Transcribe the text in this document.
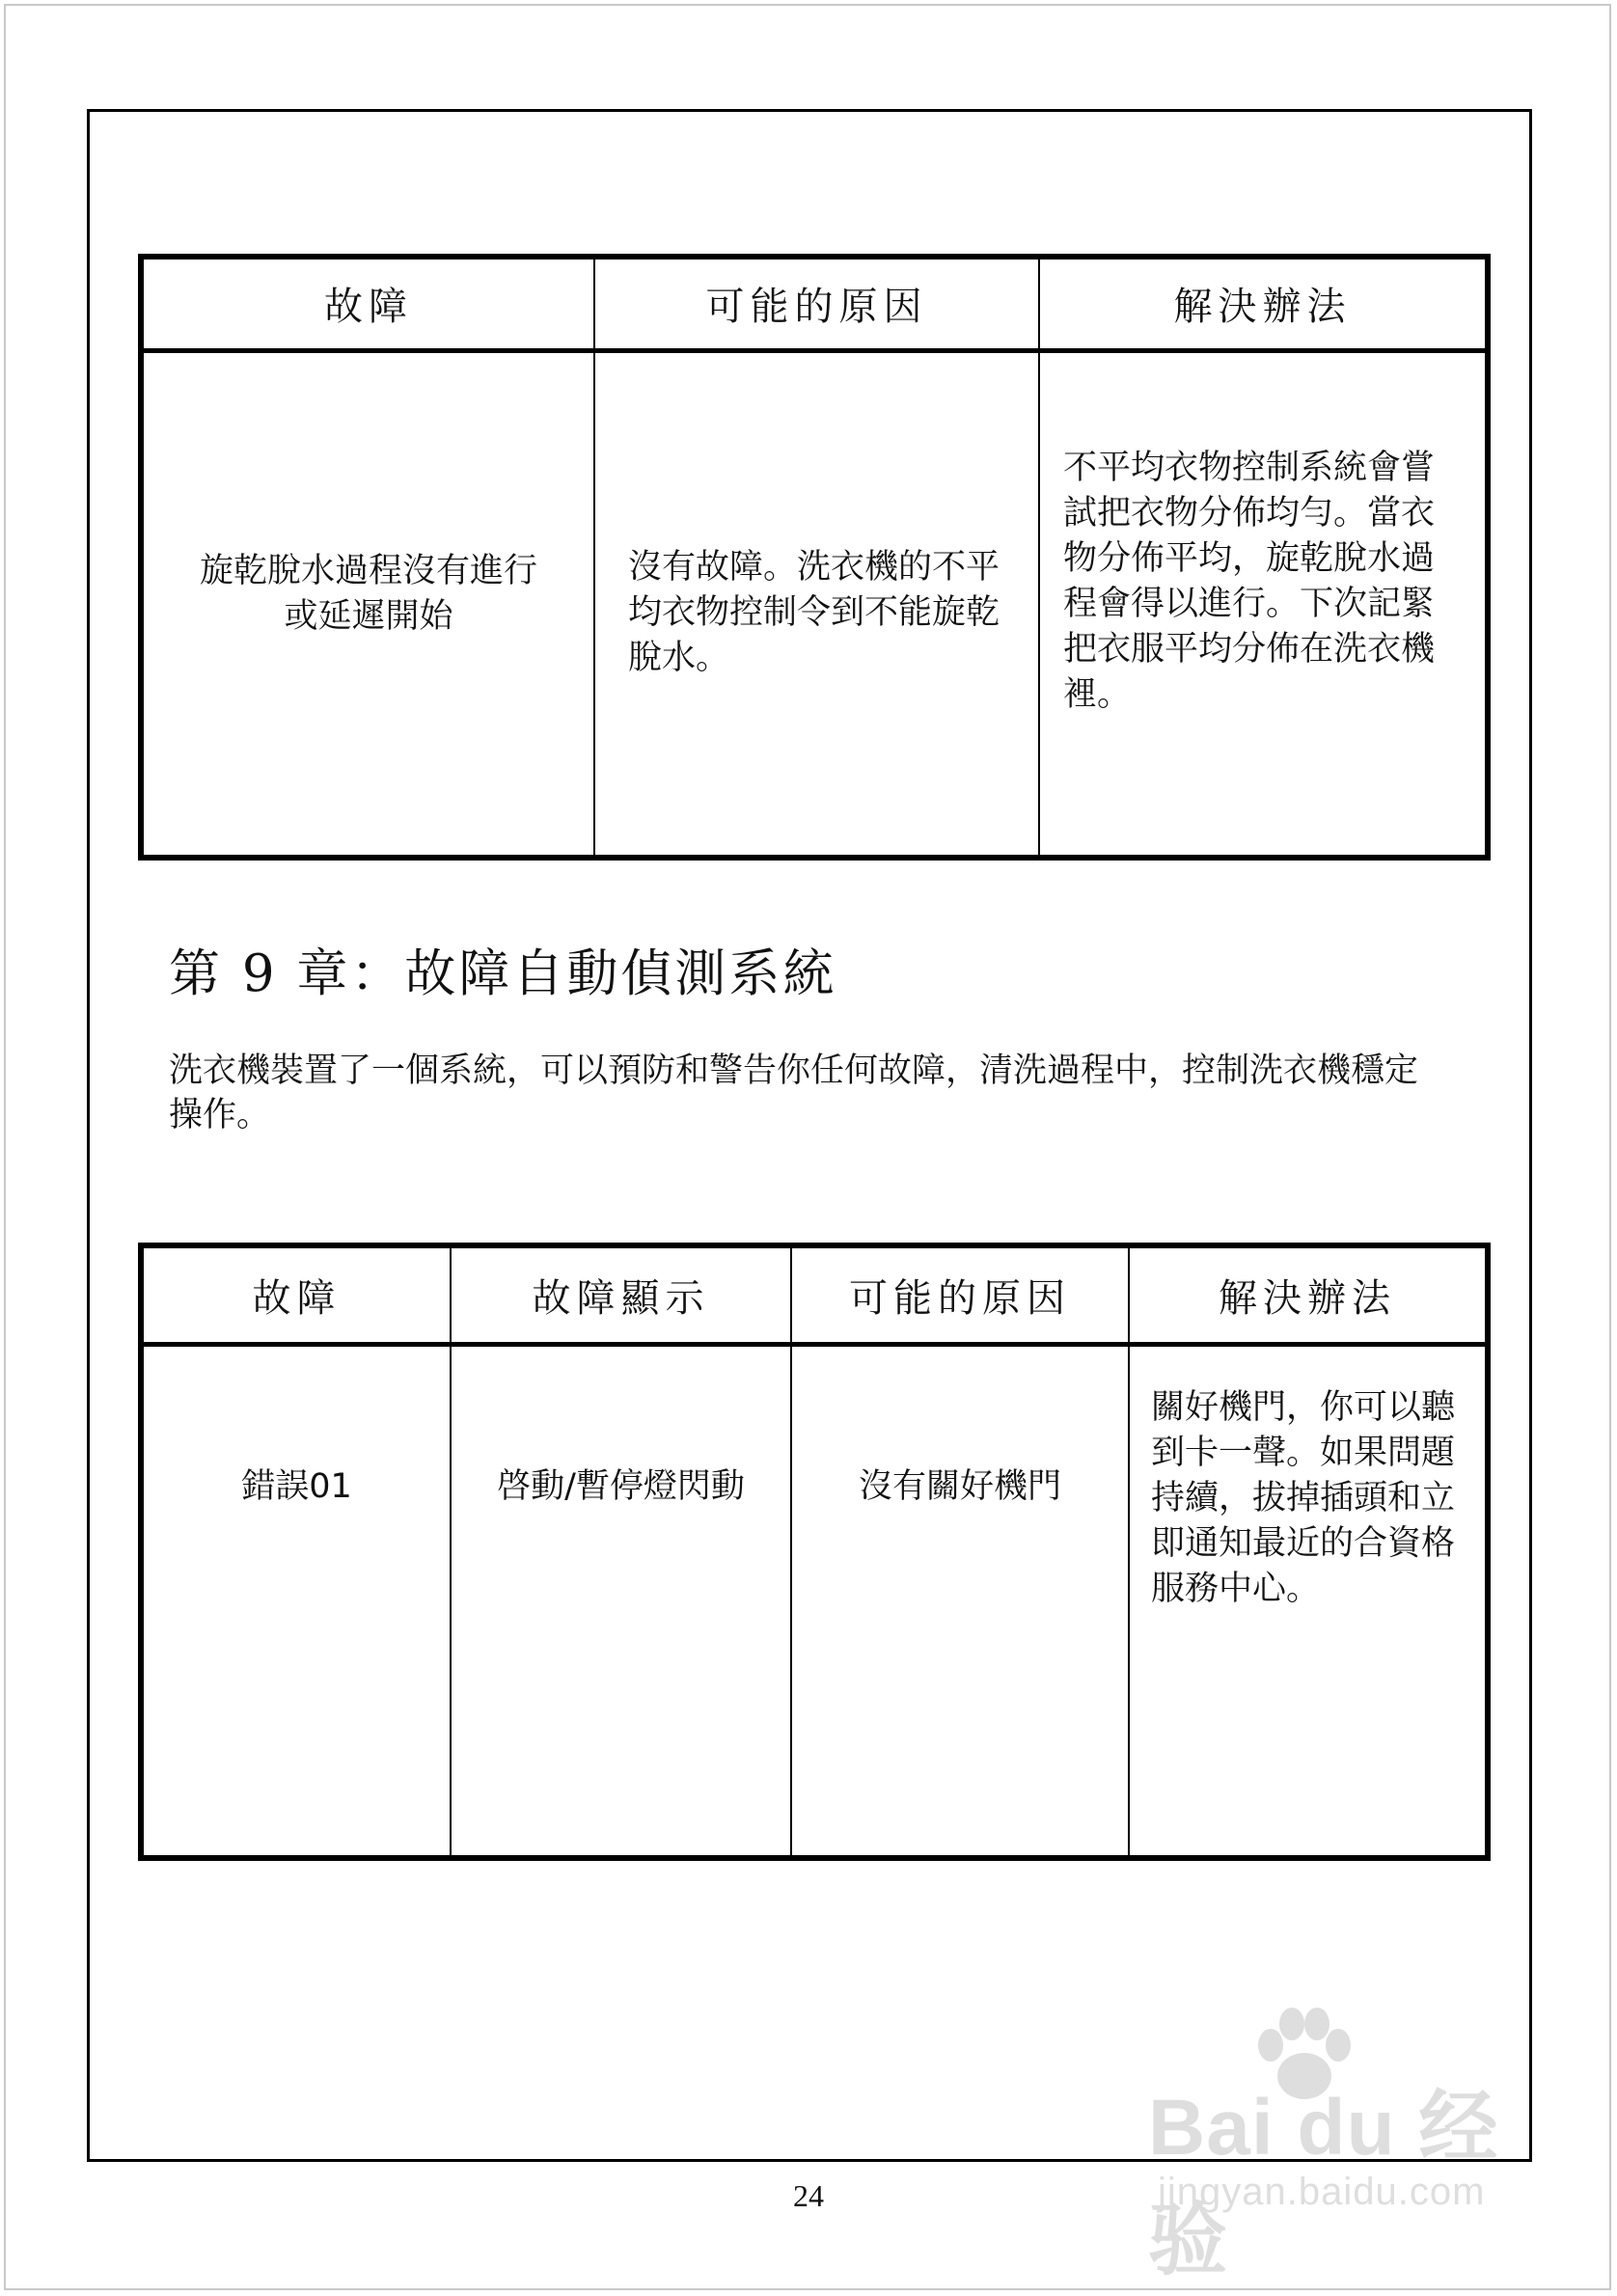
故障	可能的原因	解決辦法

旋乾脫水過程沒有進行或延遲開始	沒有故障。洗衣機的不平均衣物控制令到不能旋乾脫水。	不平均衣物控制系統會嘗試把衣物分佈均勻。當衣物分佈平均，旋乾脫水過程會得以進行。下次記緊把衣服平均分佈在洗衣機裡。
第 9 章：故障自動偵測系統

洗衣機裝置了一個系統，可以預防和警告你任何故障，清洗過程中，控制洗衣機穩定操作。

故障	故障顯示	可能的原因	解決辦法

錯誤01	啓動/暫停燈閃動	沒有關好機門	關好機門，你可以聽到卡一聲。如果問題持續，拔掉插頭和立即通知最近的合資格服務中心。
24
Bai du 经验
jingyan.baidu.com
